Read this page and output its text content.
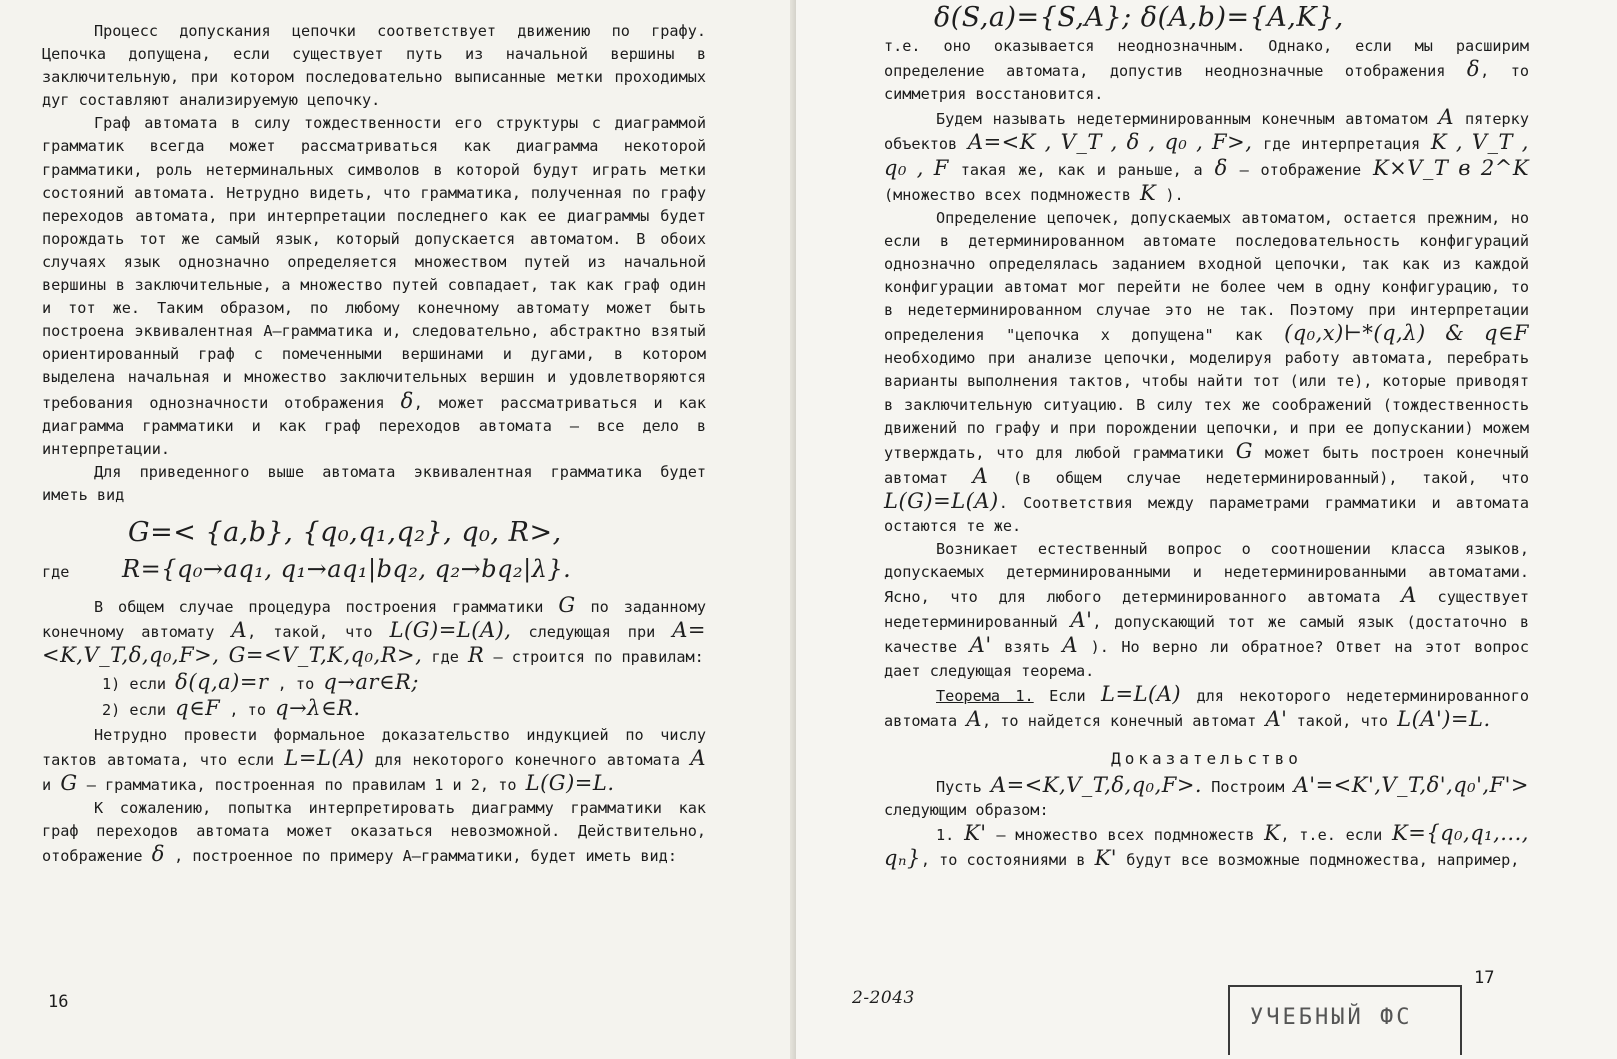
Процесс допускания цепочки соответствует движению по графу. Цепочка допущена, если существует путь из начальной вершины в заключительную, при котором последовательно выписанные метки проходимых дуг составляют анализируемую цепочку.

Граф автомата в силу тождественности его структуры с диаграммой грамматик всегда может рассматриваться как диаграмма некоторой грамматики, роль нетерминальных символов в которой будут играть метки состояний автомата. Нетрудно видеть, что грамматика, полученная по графу переходов автомата, при интерпретации последнего как ее диаграммы будет порождать тот же самый язык, который допускается автоматом. В обоих случаях язык однозначно определяется множеством путей из начальной вершины в заключительные, а множество путей совпадает, так как граф один и тот же. Таким образом, по любому конечному автомату может быть построена эквивалентная А–грамматика и, следовательно, абстрактно взятый ориентированный граф с помеченными вершинами и дугами, в котором выделена начальная и множество заключительных вершин и удовлетворяются требования однозначности отображения δ, может рассматриваться и как диаграмма грамматики и как граф переходов автомата – все дело в интерпретации.

Для приведенного выше автомата эквивалентная грамматика будет иметь вид

G=< {a,b}, {q₀,q₁,q₂}, q₀, R>,
где	R={q₀→aq₁, q₁→aq₁|bq₂, q₂→bq₂|λ}.

В общем случае процедура построения грамматики G по заданному конечному автомату A, такой, что L(G)=L(A), следующая при A=<K,V_T,δ,q₀,F>, G=<V_T,K,q₀,R>, где R – строится по правилам:

1) если δ(q,a)=r , то q→ar∈R;
2) если q∈F , то q→λ∈R.

Нетрудно провести формальное доказательство индукцией по числу тактов автомата, что если L=L(A) для некоторого конечного автомата A и G – грамматика, построенная по правилам 1 и 2, то L(G)=L.

К сожалению, попытка интерпретировать диаграмму грамматики как граф переходов автомата может оказаться невозможной. Действительно, отображение δ , построенное по примеру А–грамматики, будет иметь вид:

16
δ(S,a)={S,A}; δ(A,b)={A,K},

т.е. оно оказывается неоднозначным. Однако, если мы расширим определение автомата, допустив неоднозначные отображения δ, то симметрия восстановится.

Будем называть недетерминированным конечным автоматом A пятерку объектов A=<K , V_T , δ , q₀ , F>, где интерпретация K , V_T , q₀ , F такая же, как и раньше, а δ – отображение K×V_T в 2^K (множество всех подмножеств K ).

Определение цепочек, допускаемых автоматом, остается прежним, но если в детерминированном автомате последовательность конфигураций однозначно определялась заданием входной цепочки, так как из каждой конфигурации автомат мог перейти не более чем в одну конфигурацию, то в недетерминированном случае это не так. Поэтому при интерпретации определения "цепочка x допущена" как (q₀,x)⊢*(q,λ) & q∈F необходимо при анализе цепочки, моделируя работу автомата, перебрать варианты выполнения тактов, чтобы найти тот (или те), которые приводят в заключительную ситуацию. В силу тех же соображений (тождественность движений по графу и при порождении цепочки, и при ее допускании) можем утверждать, что для любой грамматики G может быть построен конечный автомат A (в общем случае недетерминированный), такой, что L(G)=L(A). Соответствия между параметрами грамматики и автомата остаются те же.

Возникает естественный вопрос о соотношении класса языков, допускаемых детерминированными и недетерминированными автоматами. Ясно, что для любого детерминированного автомата A существует недетерминированный A', допускающий тот же самый язык (достаточно в качестве A' взять A ). Но верно ли обратное? Ответ на этот вопрос дает следующая теорема.

Теорема 1. Если L=L(A) для некоторого недетерминированного автомата A, то найдется конечный автомат A' такой, что L(A')=L.

Доказательство

Пусть A=<K,V_T,δ,q₀,F>. Построим A'=<K',V_T,δ',q₀',F'> следующим образом:

1. K' – множество всех подмножеств K, т.е. если K={q₀,q₁,..., qₙ}, то состояниями в K' будут все возможные подмножества, например,

2-2043
17
УЧЕБНЫЙ ФС
